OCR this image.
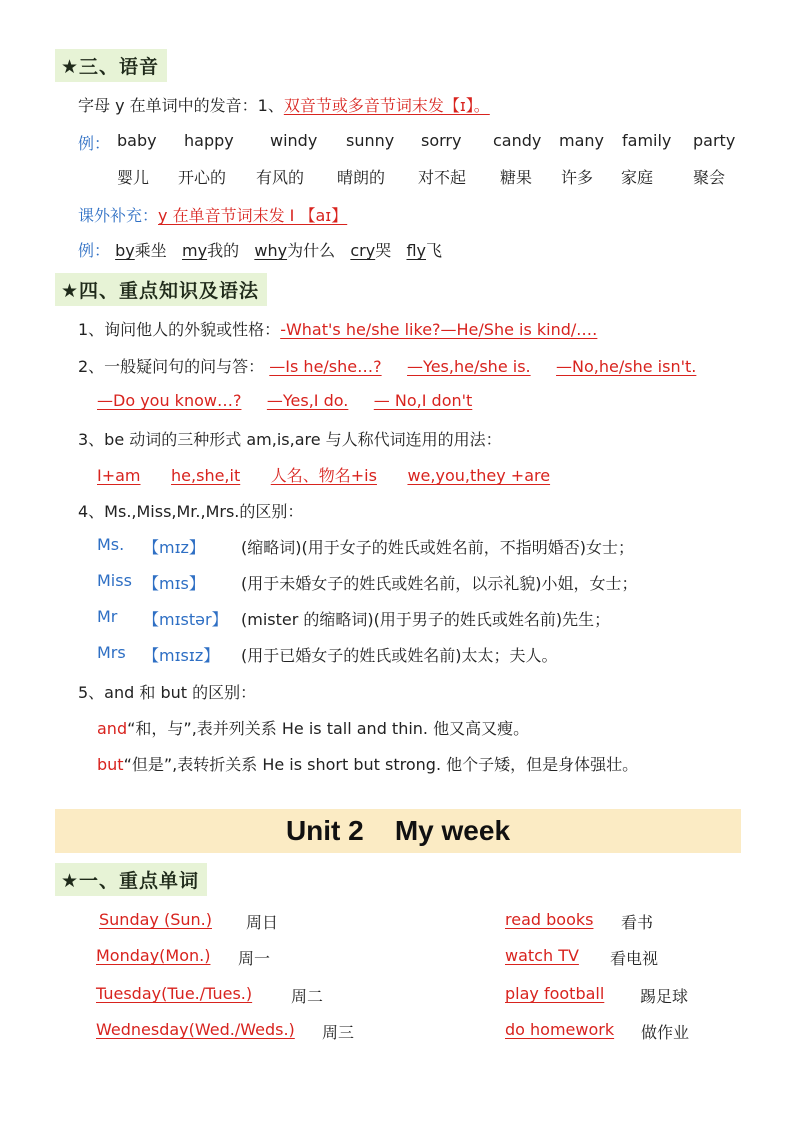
★三、语音
字母 y 在单词中的发音：1、双音节或多音节词末发【ɪ】。
例： baby happy windy sunny sorry candy many family party
婴儿 开心的 有风的 晴朗的 对不起 糖果 许多 家庭 聚会
课外补充：y 在单音节词末发 I 【aɪ】
例： by乘坐 my我的 why为什么 cry哭 fly飞
★四、重点知识及语法
1、询问他人的外貌或性格：-What's he/she like?—He/She is kind/.…
2、一般疑问句的问与答： —Is he/she…? —Yes,he/she is. —No,he/she isn't.
—Do you know…? —Yes,I do. — No,I don't
3、be 动词的三种形式 am,is,are 与人称代词连用的用法：
I+am he,she,it 人名、物名+is we,you,they +are
4、Ms.,Miss,Mr.,Mrs.的区别：
Ms. 【mɪz】 (缩略词)(用于女子的姓氏或姓名前，不指明婚否)女士；
Miss 【mɪs】 (用于未婚女子的姓氏或姓名前，以示礼貌)小姐，女士；
Mr 【mɪstər】 (mister 的缩略词)(用于男子的姓氏或姓名前)先生；
Mrs 【mɪsɪz】 (用于已婚女子的姓氏或姓名前)太太；夫人。
5、and 和 but 的区别：
and“和，与”,表并列关系 He is tall and thin. 他又高又瘦。
but“但是”,表转折关系 He is short but strong. 他个子矮，但是身体强壮。
Unit 2    My week
★一、重点单词
Sunday (Sun.) 周日
Monday(Mon.) 周一
Tuesday(Tue./Tues.) 周二
Wednesday(Wed./Weds.) 周三
read books 看书
watch TV 看电视
play football 踢足球
do homework 做作业
